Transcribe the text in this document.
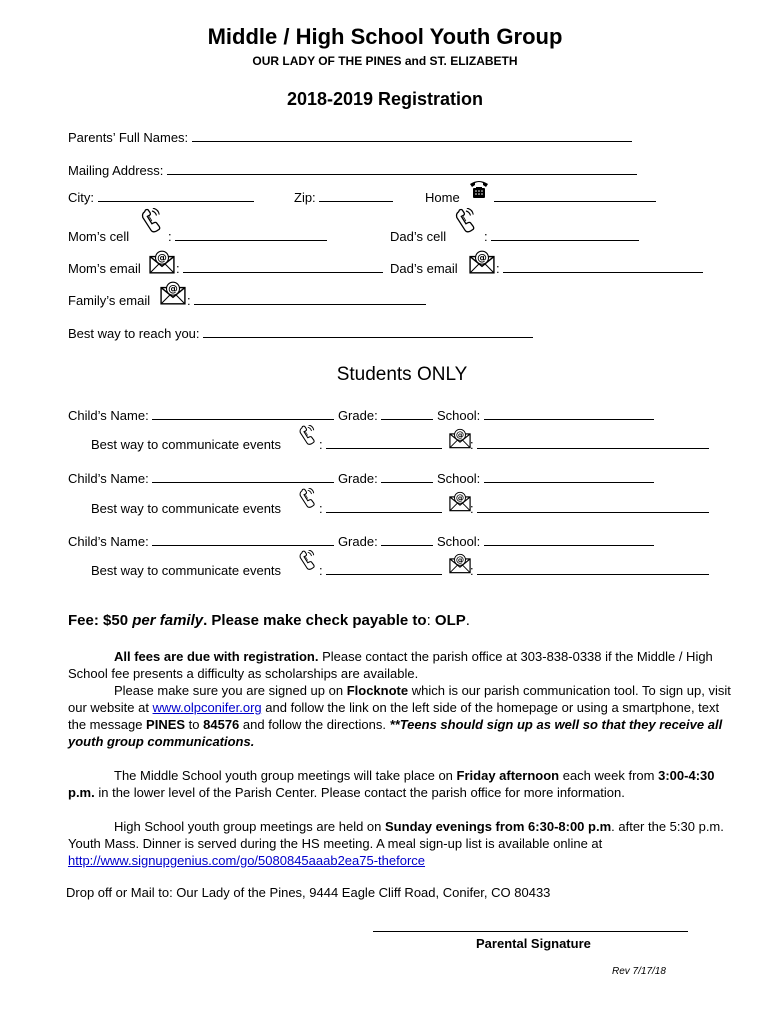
Middle / High School Youth Group
OUR LADY OF THE PINES and ST. ELIZABETH
2018-2019 Registration
Parents’ Full Names:
Mailing Address:
City:	Zip:	Home
Mom’s cell	:	Dad’s cell	:
Mom’s email	:	Dad’s email	:
Family’s email	:
Best way to reach you:
Students ONLY
Child’s Name:	Grade:	School:
Best way to communicate events	:	:
Child’s Name:	Grade:	School:
Best way to communicate events	:	:
Child’s Name:	Grade:	School:
Best way to communicate events	:	:
Fee: $50 per family. Please make check payable to: OLP.

All fees are due with registration. Please contact the parish office at 303-838-0338 if the Middle / High School fee presents a difficulty as scholarships are available.

Please make sure you are signed up on Flocknote which is our parish communication tool. To sign up, visit our website at www.olpconifer.org and follow the link on the left side of the homepage or using a smartphone, text the message PINES to 84576 and follow the directions. **Teens should sign up as well so that they receive all youth group communications.

The Middle School youth group meetings will take place on Friday afternoon each week from 3:00-4:30 p.m. in the lower level of the Parish Center. Please contact the parish office for more information.

High School youth group meetings are held on Sunday evenings from 6:30-8:00 p.m. after the 5:30 p.m. Youth Mass. Dinner is served during the HS meeting. A meal sign-up list is available online at http://www.signupgenius.com/go/5080845aaab2ea75-theforce

Drop off or Mail to: Our Lady of the Pines, 9444 Eagle Cliff Road, Conifer, CO 80433
Parental Signature
Rev 7/17/18
